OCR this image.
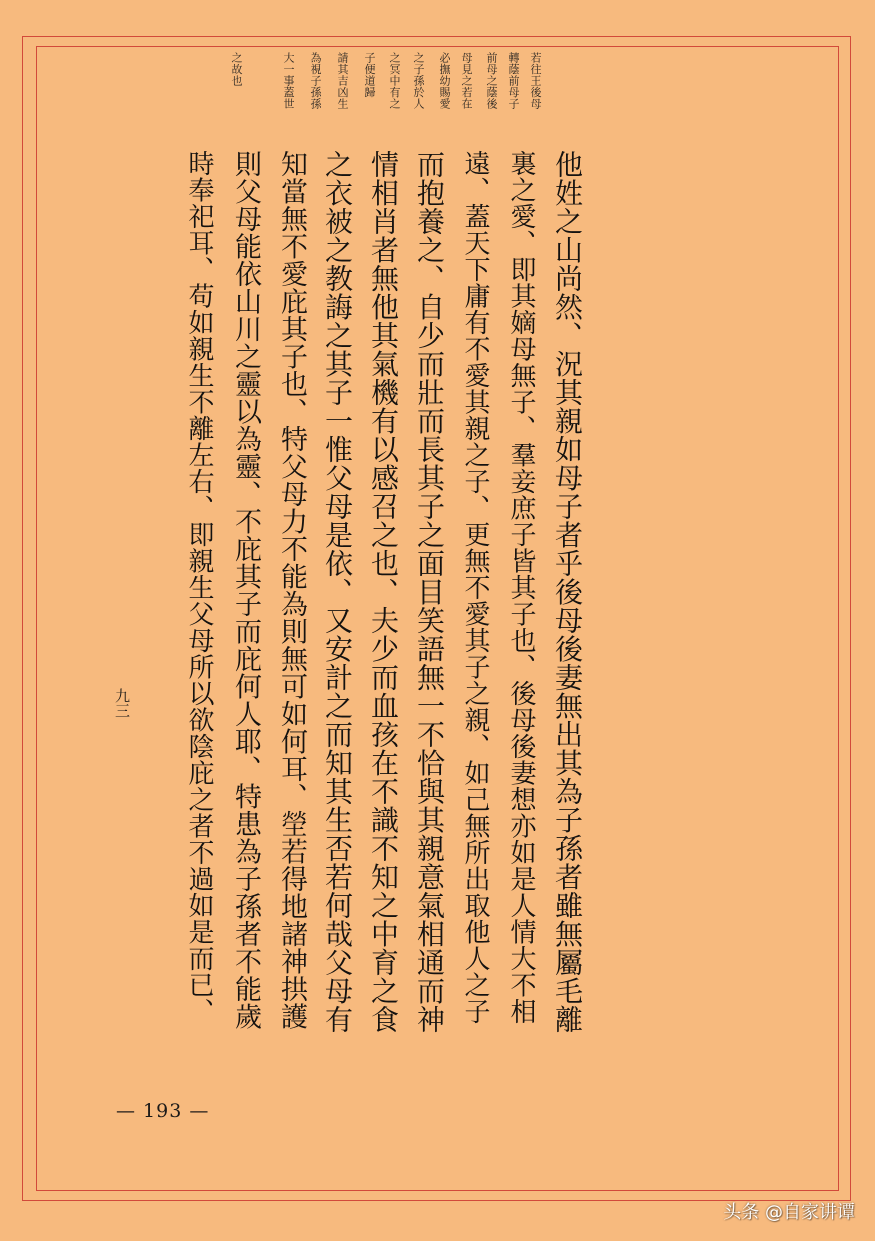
若往王後母
轉蔭前母子
前母之蔭後
母見之若在
必撫幼賜愛
之子孫於人
之冥中有之
子便道歸
請其吉凶生
為視子孫孫
大一事蓋世
之故也
他姓之山尚然、況其親如母子者乎後母後妻無出其為子孫者雖無屬毛離
裏之愛、即其嫡母無子、羣妾庶子皆其子也、後母後妻想亦如是人情大不相
遠、蓋天下庸有不愛其親之子、更無不愛其子之親、如己無所出取他人之子
而抱養之、自少而壯而長其子之面目笑語無一不恰與其親意氣相通而神
情相肖者無他其氣機有以感召之也、夫少而血孩在不識不知之中育之食
之衣被之教誨之其子一惟父母是依、又安計之而知其生否若何哉父母有
知當無不愛庇其子也、特父母力不能為則無可如何耳、塋若得地諸神拱護
則父母能依山川之靈以為靈、不庇其子而庇何人耶、特患為子孫者不能歲
時奉祀耳、苟如親生不離左右、即親生父母所以欲陰庇之者不過如是而已、
九三
— 193 —
头条 @自家讲谭
